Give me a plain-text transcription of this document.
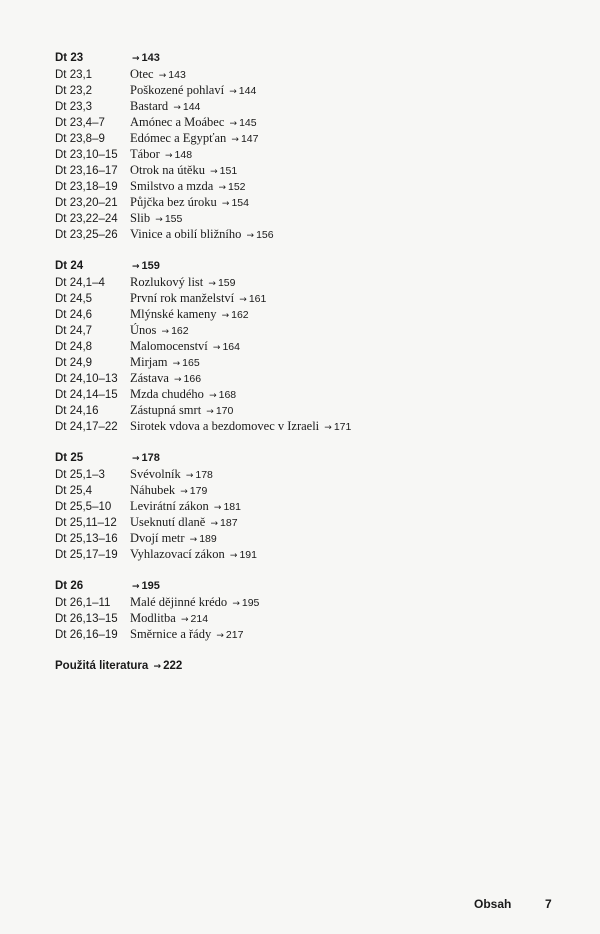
Dt 23	→ 143
Dt 23,1	Otec → 143
Dt 23,2	Poškozené pohlaví → 144
Dt 23,3	Bastard → 144
Dt 23,4–7	Amónec a Moábec → 145
Dt 23,8–9	Edómec a Egypťan → 147
Dt 23,10–15 Tábor → 148
Dt 23,16–17 Otrok na útěku → 151
Dt 23,18–19 Smilstvo a mzda → 152
Dt 23,20–21 Půjčka bez úroku → 154
Dt 23,22–24 Slib → 155
Dt 23,25–26 Vinice a obilí bližního → 156
Dt 24	→ 159
Dt 24,1–4	Rozlukový list → 159
Dt 24,5	První rok manželství → 161
Dt 24,6	Mlýnské kameny → 162
Dt 24,7	Únos → 162
Dt 24,8	Malomocenství → 164
Dt 24,9	Mirjam → 165
Dt 24,10–13 Zástava → 166
Dt 24,14–15 Mzda chudého → 168
Dt 24,16	Zástupná smrt → 170
Dt 24,17–22 Sirotek vdova a bezdomovec v Izraeli → 171
Dt 25	→ 178
Dt 25,1–3	Svévolník → 178
Dt 25,4	Náhubek → 179
Dt 25,5–10	Levirátní zákon → 181
Dt 25,11–12	Useknutí dlaně → 187
Dt 25,13–16 Dvojí metr → 189
Dt 25,17–19 Vyhlazovací zákon → 191
Dt 26	→ 195
Dt 26,1–11	Malé dějinné krédo → 195
Dt 26,13–15 Modlitba → 214
Dt 26,16–19 Směrnice a řády → 217
Použitá literatura → 222
Obsah	7
